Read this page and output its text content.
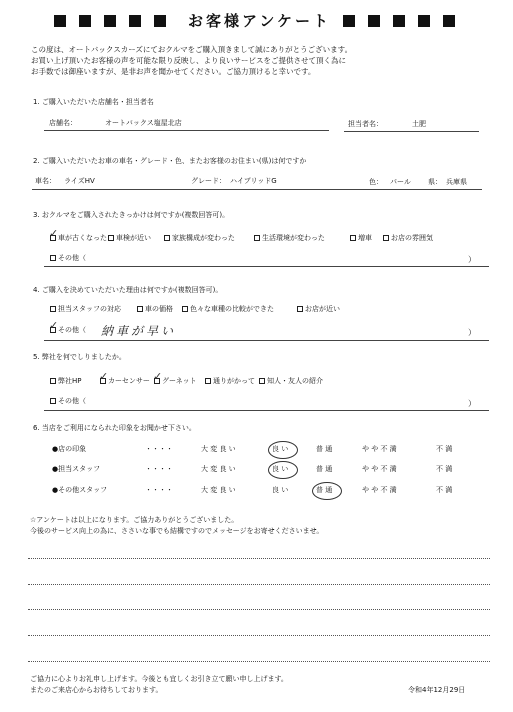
お客様アンケート
この度は、オートバックスカーズにておクルマをご購入頂きまして誠にありがとうございます。
お買い上げ頂いたお客様の声を可能な限り反映し、より良いサービスをご提供させて頂く為に
お手数では御座いますが、是非お声を聞かせてください。ご協力頂けると幸いです。
1. ご購入いただいた店舗名・担当者名
店舗名：	オートバックス塩屋北店	担当者名：	土肥
2. ご購入いただいたお車の車名・グレード・色、またお客様のお住まい(県)は何ですか
車名： ライズHV	グレード： ハイブリッドG	色： パール 県： 兵庫県
3. おクルマをご購入されたきっかけは何ですか(複数回答可)。
✓ 車が古くなった	車検が近い	家族構成が変わった	生活環境が変わった	増車	お店の雰囲気
その他（	）
4. ご購入を決めていただいた理由は何ですか(複数回答可)。
担当スタッフの対応	車の価格	色々な車種の比較ができた	お店が近い
✓ その他（ 納車が早い	）
5. 弊社を何でしりましたか。
弊社HP ✓ カーセンサー ✓ グーネット	通りがかって	知人・友人の紹介
その他（	）
6. 当店をご利用になられた印象をお聞かせ下さい。
●店の印象	・・・・	大 変 良 い	良 い	普 通	や や 不 満	不 満
●担当スタッフ	・・・・	大 変 良 い	良 い	普 通	や や 不 満	不 満
●その他スタッフ	・・・・	大 変 良 い	良 い	普 通	や や 不 満	不 満
☆アンケートは以上になります。ご協力ありがとうございました。
今後のサービス向上の為に、ささいな事でも結構ですのでメッセージをお寄せくださいませ。
ご協力に心よりお礼申し上げます。今後とも宜しくお引き立て願い申し上げます。
またのご来店心からお待ちしております。	令和4年12月29日
